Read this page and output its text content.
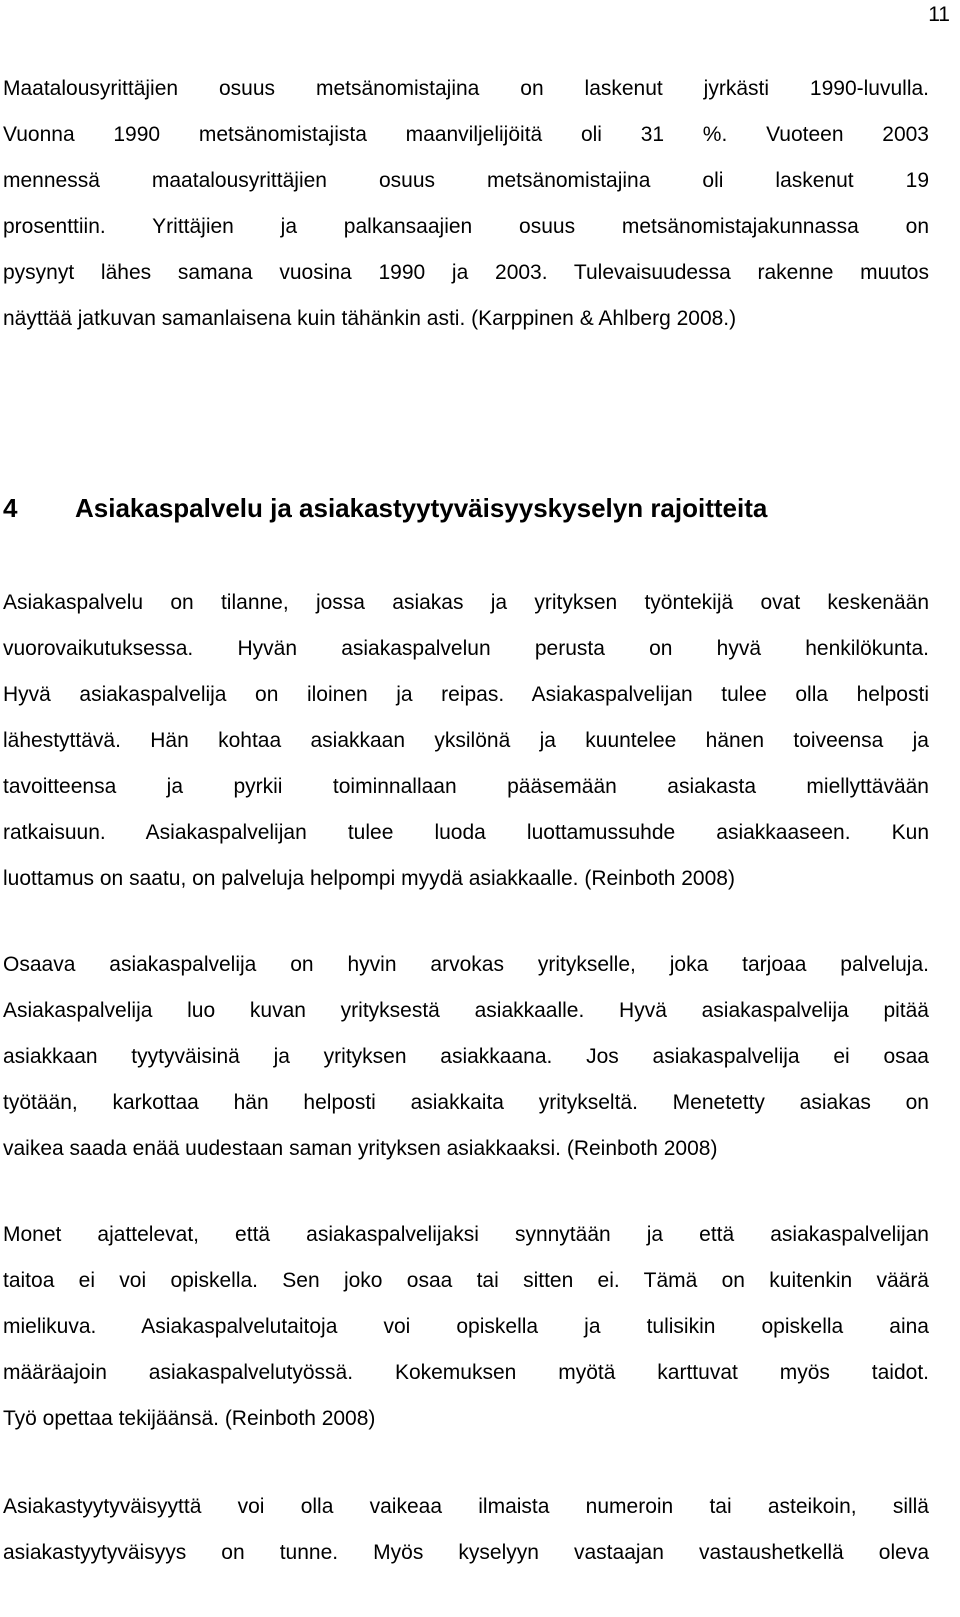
11
Maatalousyrittäjien osuus metsänomistajina on laskenut jyrkästi 1990-luvulla.
Vuonna 1990 metsänomistajista maanviljelijöitä oli 31 %. Vuoteen 2003
mennessä maatalousyrittäjien osuus metsänomistajina oli laskenut 19
prosenttiin. Yrittäjien ja palkansaajien osuus metsänomistajakunnassa on
pysynyt lähes samana vuosina 1990 ja 2003. Tulevaisuudessa rakenne muutos
näyttää jatkuvan samanlaisena kuin tähänkin asti. (Karppinen & Ahlberg 2008.)
4 Asiakaspalvelu ja asiakastyytyväisyyskyselyn rajoitteita
Asiakaspalvelu on tilanne, jossa asiakas ja yrityksen työntekijä ovat keskenään
vuorovaikutuksessa. Hyvän asiakaspalvelun perusta on hyvä henkilökunta.
Hyvä asiakaspalvelija on iloinen ja reipas. Asiakaspalvelijan tulee olla helposti
lähestyttävä. Hän kohtaa asiakkaan yksilönä ja kuuntelee hänen toiveensa ja
tavoitteensa ja pyrkii toiminnallaan pääsemään asiakasta miellyttävään
ratkaisuun. Asiakaspalvelijan tulee luoda luottamussuhde asiakkaaseen. Kun
luottamus on saatu, on palveluja helpompi myydä asiakkaalle. (Reinboth 2008)
Osaava asiakaspalvelija on hyvin arvokas yritykselle, joka tarjoaa palveluja.
Asiakaspalvelija luo kuvan yrityksestä asiakkaalle. Hyvä asiakaspalvelija pitää
asiakkaan tyytyväisinä ja yrityksen asiakkaana. Jos asiakaspalvelija ei osaa
työtään, karkottaa hän helposti asiakkaita yritykseltä. Menetetty asiakas on
vaikea saada enää uudestaan saman yrityksen asiakkaaksi. (Reinboth 2008)
Monet ajattelevat, että asiakaspalvelijaksi synnytään ja että asiakaspalvelijan
taitoa ei voi opiskella. Sen joko osaa tai sitten ei. Tämä on kuitenkin väärä
mielikuva. Asiakaspalvelutaitoja voi opiskella ja tulisikin opiskella aina
määräajoin asiakaspalvelutyössä. Kokemuksen myötä karttuvat myös taidot.
Työ opettaa tekijäänsä. (Reinboth 2008)
Asiakastyytyväisyyttä voi olla vaikeaa ilmaista numeroin tai asteikoin, sillä
asiakastyytyväisyys on tunne. Myös kyselyyn vastaajan vastaushetkellä oleva
